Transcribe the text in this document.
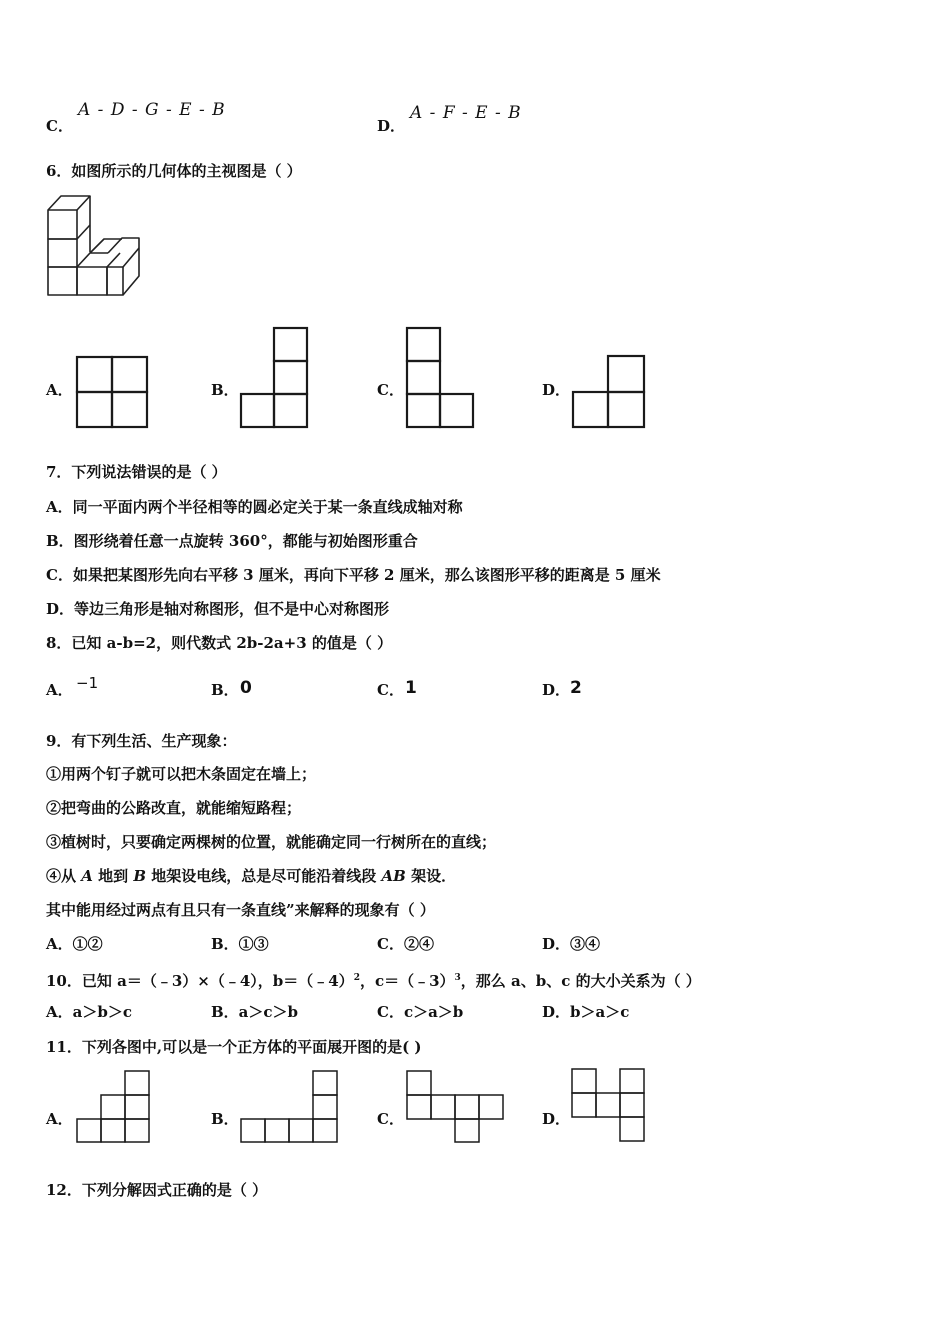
C．
A - D - G - E - B
D．
A - F - E - B
6．如图所示的几何体的主视图是（ ）
A．	B．	C．	D．
7．下列说法错误的是（ ）
A．同一平面内两个半径相等的圆必定关于某一条直线成轴对称
B．图形绕着任意一点旋转 360°，都能与初始图形重合
C．如果把某图形先向右平移 3 厘米，再向下平移 2 厘米，那么该图形平移的距离是 5 厘米
D．等边三角形是轴对称图形，但不是中心对称图形
8．已知 a-b=2，则代数式 2b-2a+3 的值是（ ）
A． −1	B． 0	C． 1	D． 2
9．有下列生活、生产现象：
①用两个钉子就可以把木条固定在墙上；
②把弯曲的公路改直，就能缩短路程；
③植树时，只要确定两棵树的位置，就能确定同一行树所在的直线；
④从 A 地到 B 地架设电线，总是尽可能沿着线段 AB 架设．
其中能用经过两点有且只有一条直线”来解释的现象有（ ）
A．①②	B．①③	C．②④	D．③④
10．已知 a＝（﹣3）×（﹣4），b＝（﹣4）$^2$，c＝（﹣3）$^3$，那么 a、b、c 的大小关系为（ ）
A．a＞b＞c	B．a＞c＞b	C．c＞a＞b	D．b＞a＞c
11．下列各图中,可以是一个正方体的平面展开图的是( )
A．	B．	C．	D．
12．下列分解因式正确的是（ ）
